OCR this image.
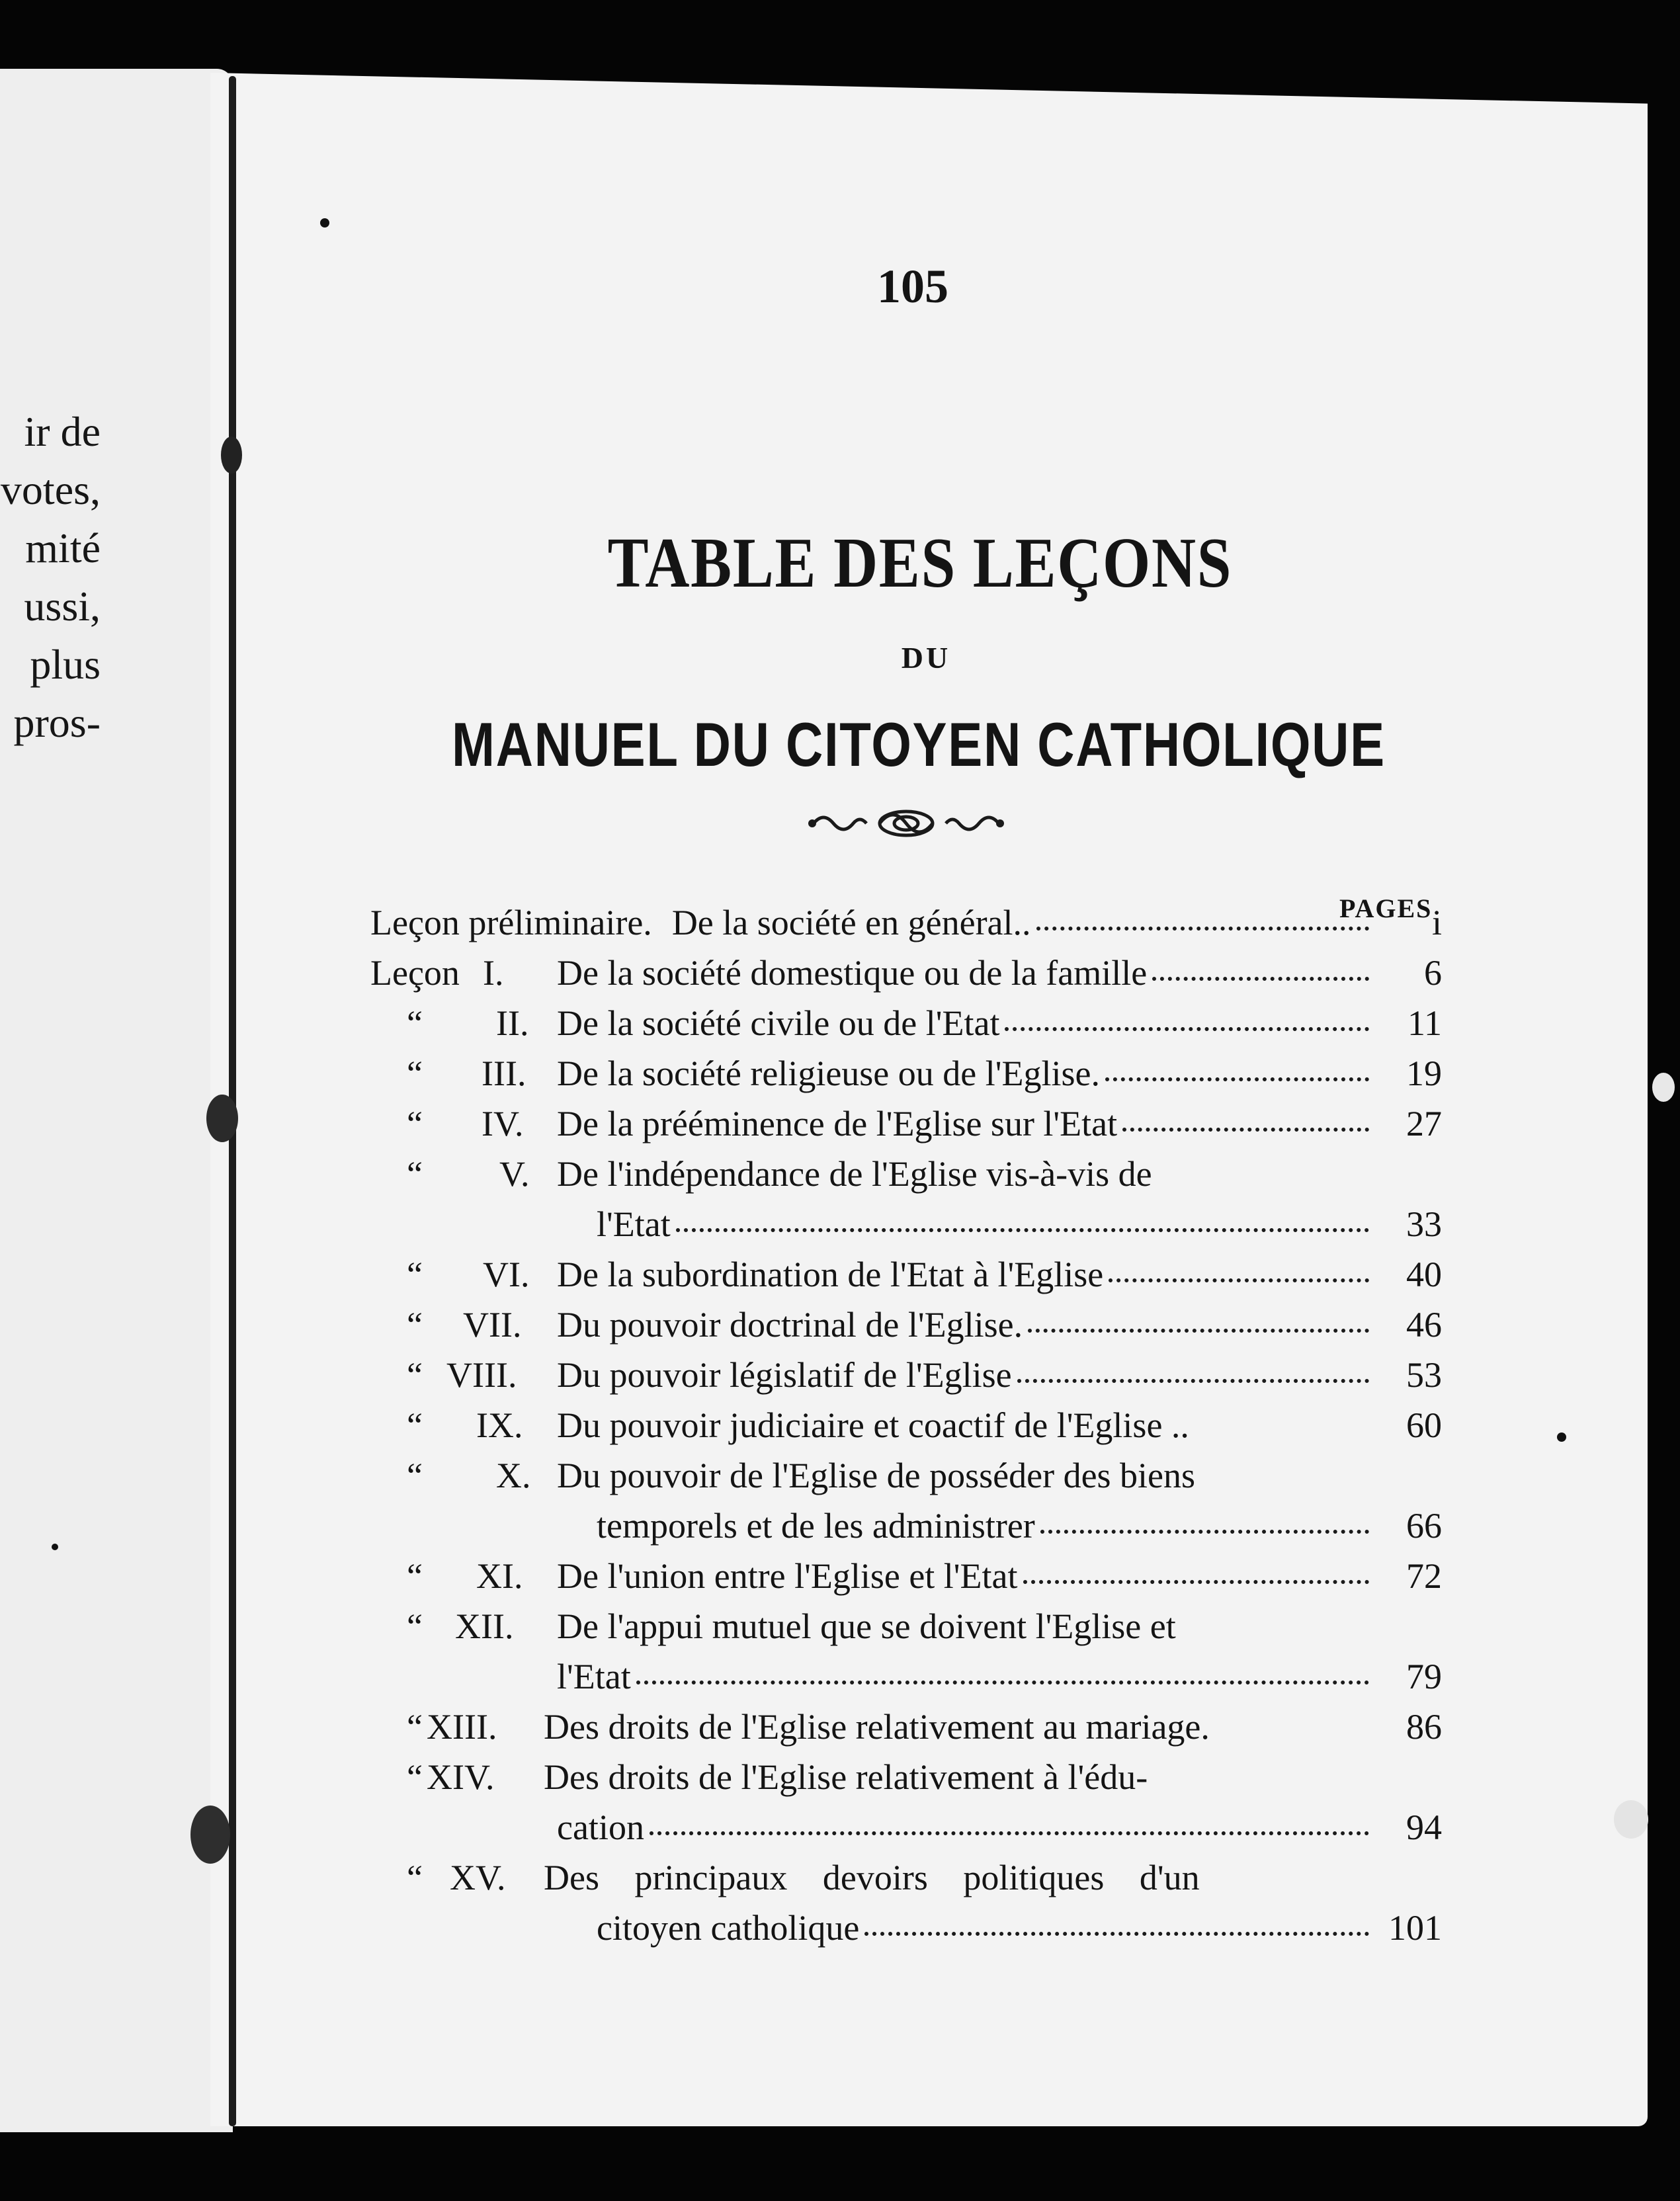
ir de
votes,
mité
ussi,
plus
pros-
105
TABLE DES LEÇONS
DU
MANUEL DU CITOYEN CATHOLIQUE
PAGES
Leçon préliminaire. De la société en général..	i
Leçon I. De la société domestique ou de la famille	6
“ II. De la société civile ou de l'Etat	11
“ III. De la société religieuse ou de l'Eglise.	19
“ IV. De la prééminence de l'Eglise sur l'Etat	27
“ V. De l'indépendance de l'Eglise vis-à-vis de
l'Etat	33
“ VI. De la subordination de l'Etat à l'Eglise	40
“ VII. Du pouvoir doctrinal de l'Eglise.	46
“ VIII. Du pouvoir législatif de l'Eglise	53
“ IX. Du pouvoir judiciaire et coactif de l'Eglise ..	60
“ X. Du pouvoir de l'Eglise de posséder des biens
temporels et de les administrer	66
“ XI. De l'union entre l'Eglise et l'Etat	72
“ XII. De l'appui mutuel que se doivent l'Eglise et
l'Etat	79
“ XIII. Des droits de l'Eglise relativement au mariage.	86
“ XIV. Des droits de l'Eglise relativement à l'édu-
cation	94
“ XV. Des principaux devoirs politiques d'un
citoyen catholique	101
